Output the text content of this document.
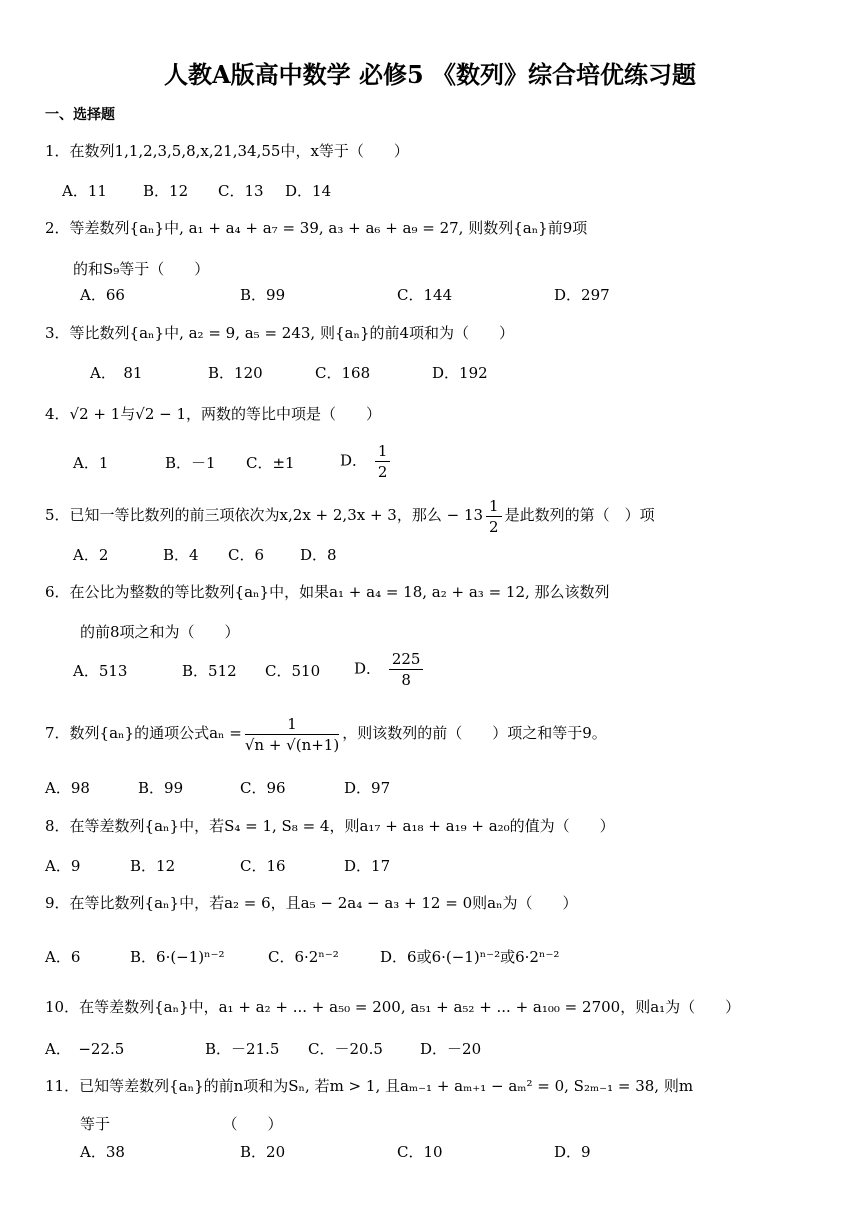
人教A版高中数学 必修5 《数列》综合培优练习题
一、选择题
1．在数列1,1,2,3,5,8,x,21,34,55中，x等于（　　）
A．11 B．12 C．13 D．14
2．等差数列{aₙ}中, a₁ + a₄ + a₇ = 39, a₃ + a₆ + a₉ = 27, 则数列{aₙ}前9项
的和S₉等于（　　）
A．66	B．99	C．144	D．297
3．等比数列{aₙ}中, a₂ = 9, a₅ = 243, 则{aₙ}的前4项和为（　　）
A．　81	B．120	C．168	D．192
4．√2 + 1与√2 − 1，两数的等比中项是（　　）
A．1	B．－1 C．±1	D． $\frac{1}{2}$
5．已知一等比数列的前三项依次为x,2x + 2,3x + 3，那么 − $13 \frac{1}{2}$ 是此数列的第（　）项
A．2	B．4 C．6 D．8
6．在公比为整数的等比数列{aₙ}中，如果a₁ + a₄ = 18, a₂ + a₃ = 12, 那么该数列
的前8项之和为（　　）
A．513	B．512 C．510 D． $\frac{225}{8}$
7．数列{aₙ}的通项公式$a_n = \frac{1}{√n + √(n+1)}$ ，则该数列的前（　　）项之和等于9。
A．98	B．99	C．96	D．97
8．在等差数列{aₙ}中，若S₄ = 1, S₈ = 4，则a₁₇ + a₁₈ + a₁₉ + a₂₀的值为（　　）
A．9	B．12	C．16	D．17
9．在等比数列{aₙ}中，若a₂ = 6，且a₅ − 2a₄ − a₃ + 12 = 0则aₙ为（　　）
A．6	B．6·(−1)ⁿ⁻²	C．6·2ⁿ⁻²	D．6或6·(−1)ⁿ⁻²或6·2ⁿ⁻²
10．在等差数列{aₙ}中，a₁ + a₂ + ... + a₅₀ = 200, a₅₁ + a₅₂ + ... + a₁₀₀ = 2700，则a₁为（　　）
A．　−22.5	B．－21.5 C．－20.5 D．－20
11．已知等差数列{aₙ}的前n项和为Sₙ, 若m > 1, 且aₘ₋₁ + aₘ₊₁ − aₘ² = 0, S₂ₘ₋₁ = 38, 则m
等于　　　　　　　　（　　）
A．38	B．20	C．10	D．9
